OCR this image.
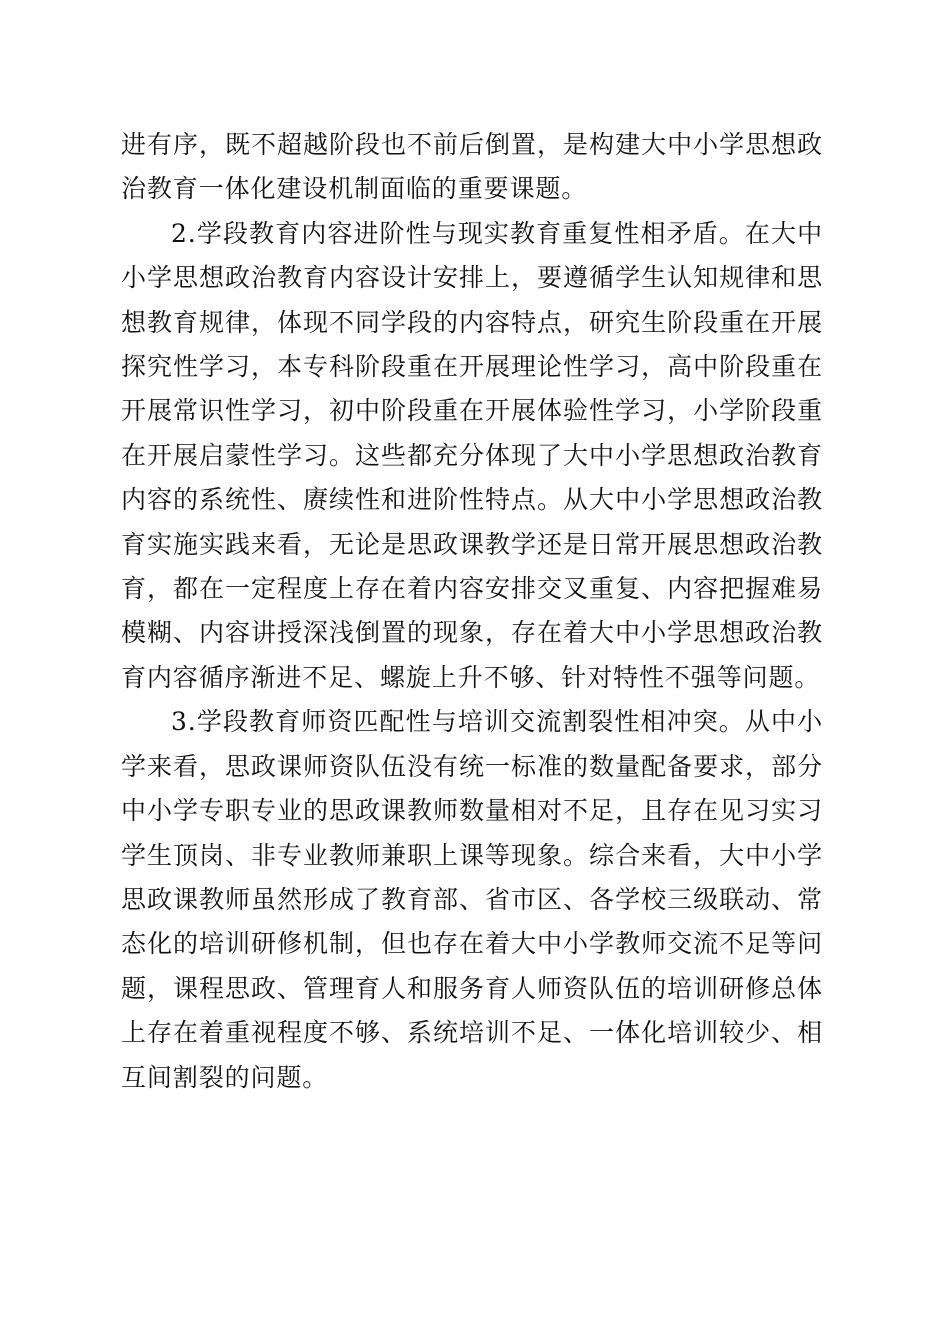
进有序，既不超越阶段也不前后倒置，是构建大中小学思想政治教育一体化建设机制面临的重要课题。

2.学段教育内容进阶性与现实教育重复性相矛盾。在大中小学思想政治教育内容设计安排上，要遵循学生认知规律和思想教育规律，体现不同学段的内容特点，研究生阶段重在开展探究性学习，本专科阶段重在开展理论性学习，高中阶段重在开展常识性学习，初中阶段重在开展体验性学习，小学阶段重在开展启蒙性学习。这些都充分体现了大中小学思想政治教育内容的系统性、赓续性和进阶性特点。从大中小学思想政治教育实施实践来看，无论是思政课教学还是日常开展思想政治教育，都在一定程度上存在着内容安排交叉重复、内容把握难易模糊、内容讲授深浅倒置的现象，存在着大中小学思想政治教育内容循序渐进不足、螺旋上升不够、针对特性不强等问题。

3.学段教育师资匹配性与培训交流割裂性相冲突。从中小学来看，思政课师资队伍没有统一标准的数量配备要求，部分中小学专职专业的思政课教师数量相对不足，且存在见习实习学生顶岗、非专业教师兼职上课等现象。综合来看，大中小学思政课教师虽然形成了教育部、省市区、各学校三级联动、常态化的培训研修机制，但也存在着大中小学教师交流不足等问题，课程思政、管理育人和服务育人师资队伍的培训研修总体上存在着重视程度不够、系统培训不足、一体化培训较少、相互间割裂的问题。
